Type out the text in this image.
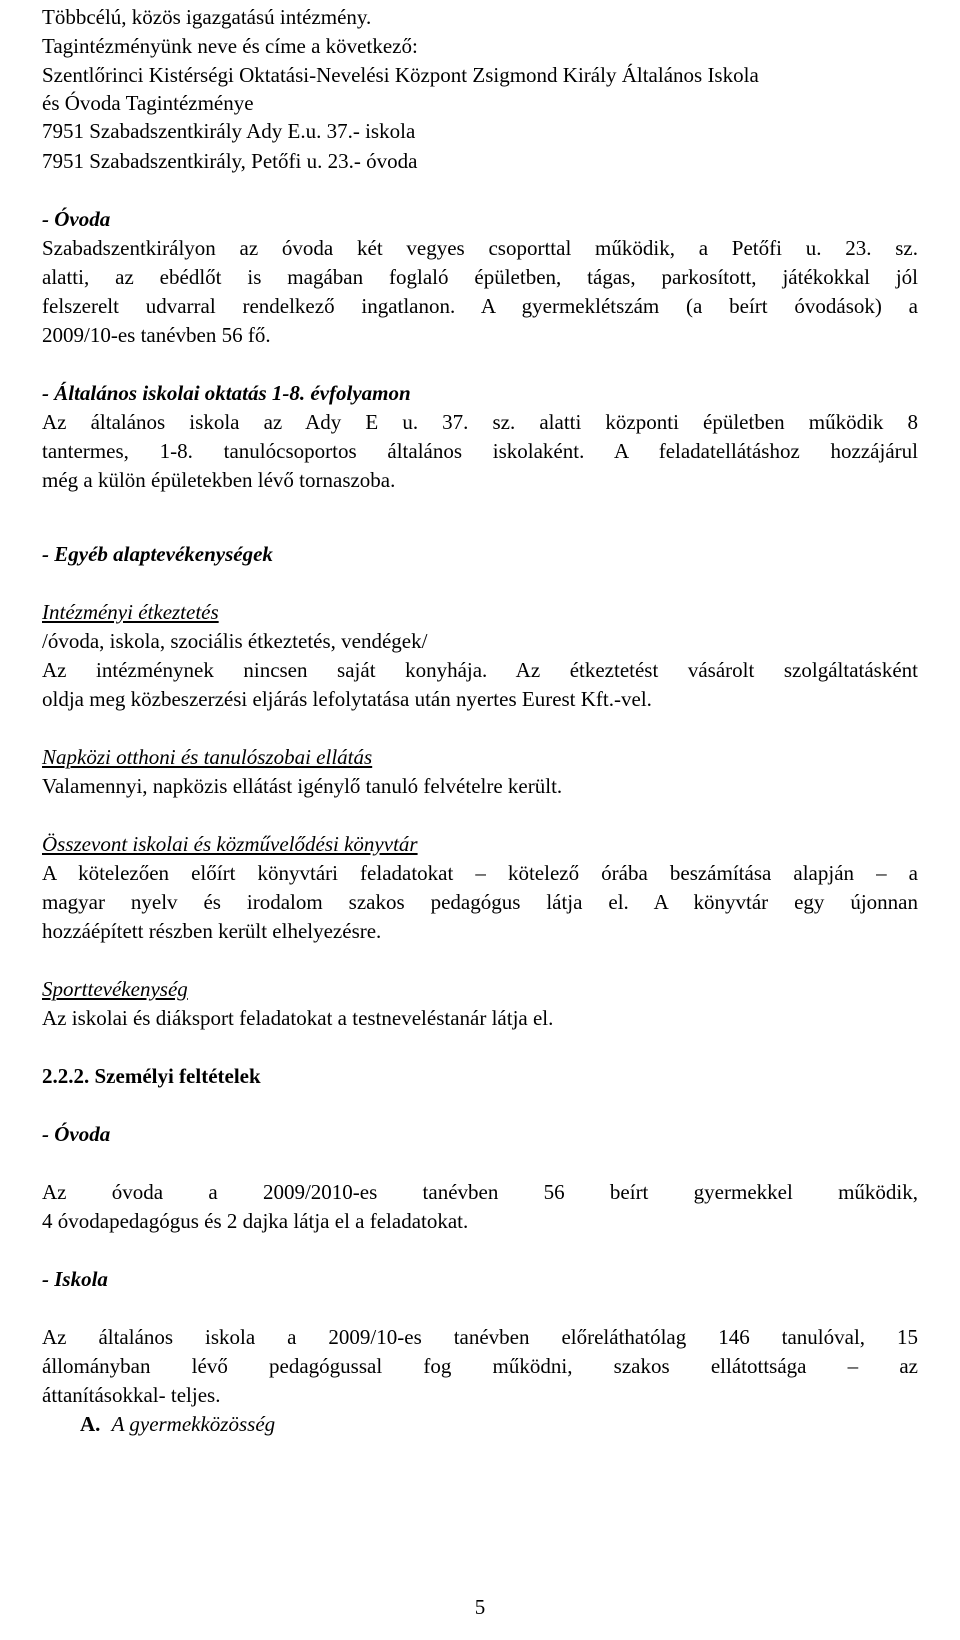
Többcélú, közös igazgatású intézmény.
Tagintézményünk neve és címe a következő:
Szentlőrinci Kistérségi Oktatási-Nevelési Központ Zsigmond Király Általános Iskola
és Óvoda Tagintézménye
7951 Szabadszentkirály Ady E.u. 37.- iskola
7951 Szabadszentkirály, Petőfi u. 23.- óvoda
- Óvoda
Szabadszentkirályon az óvoda két vegyes csoporttal működik, a Petőfi u. 23. sz.
alatti, az ebédlőt is magában foglaló épületben, tágas, parkosított, játékokkal jól
felszerelt udvarral rendelkező ingatlanon. A gyermeklétszám (a beírt óvodások) a
2009/10-es tanévben 56 fő.
- Általános iskolai oktatás 1-8. évfolyamon
Az általános iskola az Ady E u. 37. sz. alatti központi épületben működik 8
tantermes, 1-8. tanulócsoportos általános iskolaként. A feladatellátáshoz hozzájárul
még a külön épületekben lévő tornaszoba.
- Egyéb alaptevékenységek
Intézményi étkeztetés
/óvoda, iskola, szociális étkeztetés, vendégek/
Az intézménynek nincsen saját konyhája. Az étkeztetést vásárolt szolgáltatásként
oldja meg közbeszerzési eljárás lefolytatása után nyertes Eurest Kft.-vel.
Napközi otthoni és tanulószobai ellátás
Valamennyi, napközis ellátást igénylő tanuló felvételre került.
Összevont iskolai és közművelődési könyvtár
A kötelezően előírt könyvtári feladatokat – kötelező órába beszámítása alapján – a
magyar nyelv és irodalom szakos pedagógus látja el. A könyvtár egy újonnan
hozzáépített részben került elhelyezésre.
Sporttevékenység
Az iskolai és diáksport feladatokat a testneveléstanár látja el.
2.2.2. Személyi feltételek
- Óvoda
Az óvoda a 2009/2010-es tanévben 56 beírt gyermekkel működik,
4 óvodapedagógus és 2 dajka látja el a feladatokat.
- Iskola
Az általános iskola a 2009/10-es tanévben előreláthatólag 146 tanulóval, 15
állományban lévő pedagógussal fog működni, szakos ellátottsága – az
áttanításokkal- teljes.
A. A gyermekközösség
5
